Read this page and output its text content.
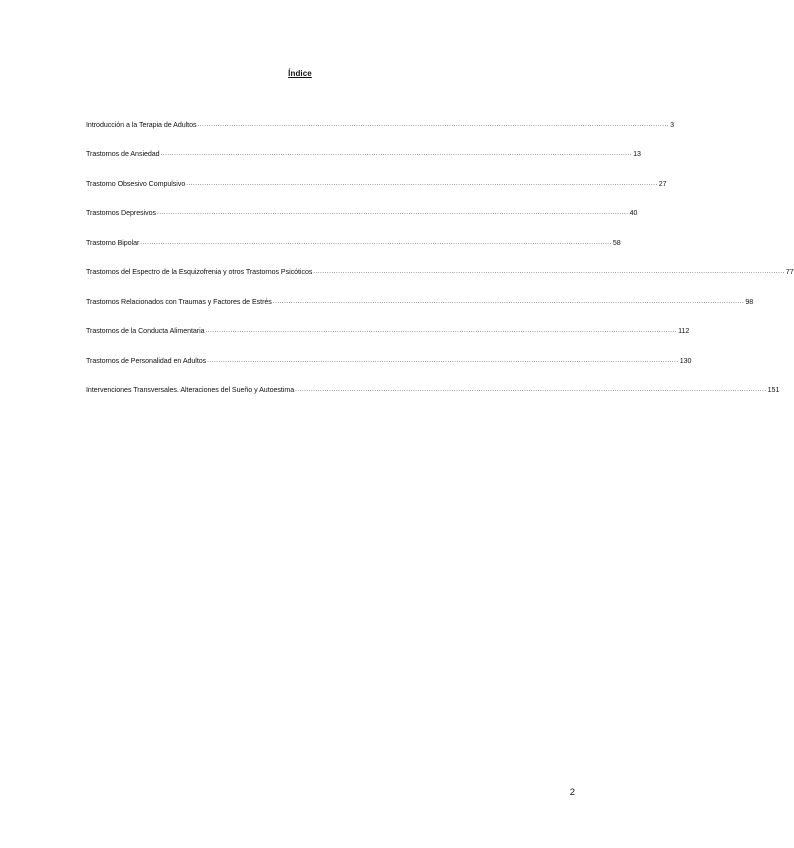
Índice
Introducción a la Terapia de Adultos ................................................................................................................................................................................................................ 3
Trastornos de Ansiedad ................................................................................................................................................................................................................ 13
Trastorno Obsesivo Compulsivo ................................................................................................................................................................................................................ 27
Trastornos Depresivos ................................................................................................................................................................................................................ 40
Trastorno Bipolar ................................................................................................................................................................................................................ 58
Trastornos del Espectro de la Esquizofrenia y otros Trastornos Psicóticos ................................................................................................................................................................................................................ 77
Trastornos Relacionados con Traumas y Factores de Estrés ................................................................................................................................................................................................................ 98
Trastornos de la Conducta Alimentaria ................................................................................................................................................................................................................ 112
Trastornos de Personalidad en Adultos ................................................................................................................................................................................................................ 130
Intervenciones Transversales. Alteraciones del Sueño y Autoestima ................................................................................................................................................................................................................ 151
2
